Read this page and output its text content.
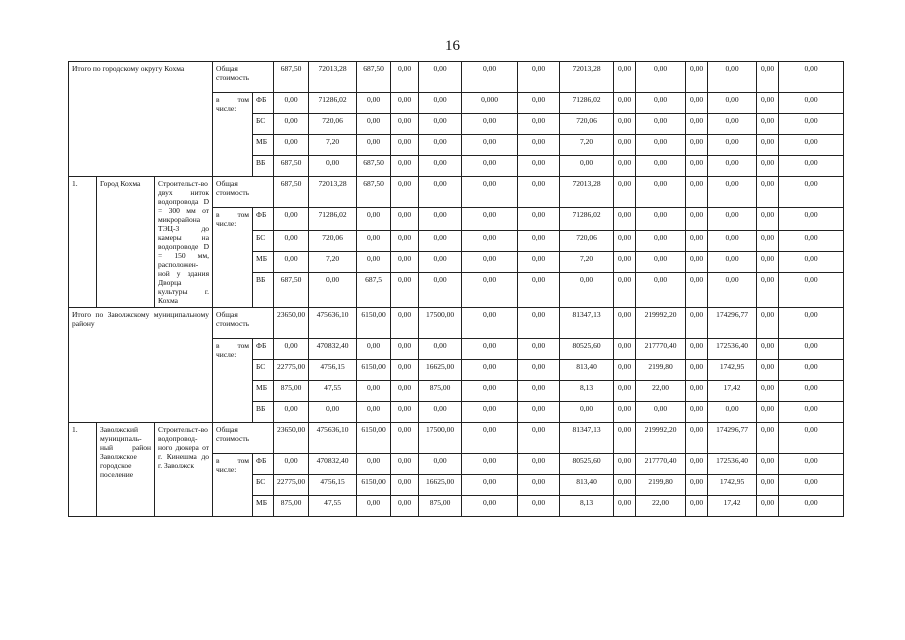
16
Итого по городскому округу Кохма			Общая стоимость		687,50	72013,28	687,50	0,00	0,00	0,00	0,00	72013,28	0,00	0,00	0,00	0,00	0,00	0,00
			в том числе:	ФБ	0,00	71286,02	0,00	0,00	0,00	0,000	0,00	71286,02	0,00	0,00	0,00	0,00	0,00	0,00
				БС	0,00	720,06	0,00	0,00	0,00	0,00	0,00	720,06	0,00	0,00	0,00	0,00	0,00	0,00
				МБ	0,00	7,20	0,00	0,00	0,00	0,00	0,00	7,20	0,00	0,00	0,00	0,00	0,00	0,00
				ВБ	687,50	0,00	687,50	0,00	0,00	0,00	0,00	0,00	0,00	0,00	0,00	0,00	0,00	0,00
1.	Город Кохма	Строительст-во двух ниток водопровода D = 300 мм от микрорайона ТЭЦ-3 до камеры на водопроводе D = 150 мм, расположен-ной у здания Дворца культуры г. Кохма	Общая стоимость		687,50	72013,28	687,50	0,00	0,00	0,00	0,00	72013,28	0,00	0,00	0,00	0,00	0,00	0,00
			в том числе:	ФБ	0,00	71286,02	0,00	0,00	0,00	0,00	0,00	71286,02	0,00	0,00	0,00	0,00	0,00	0,00
				БС	0,00	720,06	0,00	0,00	0,00	0,00	0,00	720,06	0,00	0,00	0,00	0,00	0,00	0,00
				МБ	0,00	7,20	0,00	0,00	0,00	0,00	0,00	7,20	0,00	0,00	0,00	0,00	0,00	0,00
				ВБ	687,50	0,00	687,5	0,00	0,00	0,00	0,00	0,00	0,00	0,00	0,00	0,00	0,00	0,00
Итого по Заволжскому муниципальному району			Общая стоимость		23650,00	475636,10	6150,00	0,00	17500,00	0,00	0,00	81347,13	0,00	219992,20	0,00	174296,77	0,00	0,00
			в том числе:	ФБ	0,00	470832,40	0,00	0,00	0,00	0,00	0,00	80525,60	0,00	217770,40	0,00	172536,40	0,00	0,00
				БС	22775,00	4756,15	6150,00	0,00	16625,00	0,00	0,00	813,40	0,00	2199,80	0,00	1742,95	0,00	0,00
				МБ	875,00	47,55	0,00	0,00	875,00	0,00	0,00	8,13	0,00	22,00	0,00	17,42	0,00	0,00
				ВБ	0,00	0,00	0,00	0,00	0,00	0,00	0,00	0,00	0,00	0,00	0,00	0,00	0,00	0,00
1.	Заволжский муниципаль-ный район Заволжское городское поселение	Строительст-во водопровод-ного дюкера от г. Кинешма до г. Заволжск	Общая стоимость		23650,00	475636,10	6150,00	0,00	17500,00	0,00	0,00	81347,13	0,00	219992,20	0,00	174296,77	0,00	0,00
			в том числе:	ФБ	0,00	470832,40	0,00	0,00	0,00	0,00	0,00	80525,60	0,00	217770,40	0,00	172536,40	0,00	0,00
				БС	22775,00	4756,15	6150,00	0,00	16625,00	0,00	0,00	813,40	0,00	2199,80	0,00	1742,95	0,00	0,00
				МБ	875,00	47,55	0,00	0,00	875,00	0,00	0,00	8,13	0,00	22,00	0,00	17,42	0,00	0,00
